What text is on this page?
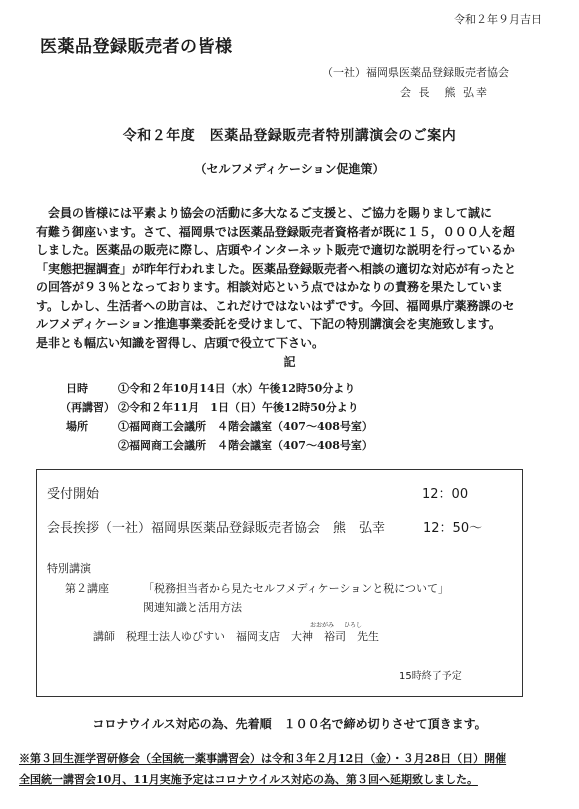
令和２年９月吉日
医薬品登録販売者の皆様
（一社）福岡県医薬品登録販売者協会
会 長　熊 弘幸
令和２年度　医薬品登録販売者特別講演会のご案内
（セルフメディケーション促進策）
　会員の皆様には平素より協会の活動に多大なるご支援と、ご協力を賜りまして誠に
有難う御座います。さて、福岡県では医薬品登録販売者資格者が既に１５，０００人を超
しました。医薬品の販売に際し、店頭やインターネット販売で適切な説明を行っているか
「実態把握調査」が昨年行われました。医薬品登録販売者へ相談の適切な対応が有ったと
の回答が９３％となっております。相談対応という点ではかなりの責務を果たしていま
す。しかし、生活者への助言は、これだけではないはずです。今回、福岡県庁薬務課のセ
ルフメディケーション推進事業委託を受けまして、下記の特別講演会を実施致します。
是非とも幅広い知識を習得し、店頭で役立て下さい。
記
日時	①令和２年10月14日（水）午後12時50分より
（再講習） ②令和２年11月　1日（日）午後12時50分より
場所	①福岡商工会議所　４階会議室（407～408号室）
②福岡商工会議所　４階会議室（407～408号室）
受付開始	12：00
会長挨拶（一社）福岡県医薬品登録販売者協会　熊　弘幸	12：50～
特別講演
第２講座	「税務担当者から見たセルフメディケーションと税について」
関連知識と活用方法
おおがみ ひろし
講師　税理士法人ゆびすい　福岡支店　大神　裕司　先生
15時終了予定
コロナウイルス対応の為、先着順　１００名で締め切りさせて頂きます。
※第３回生涯学習研修会（全国統一薬事講習会）は令和３年２月12日（金）・３月28日（日）開催
全国統一講習会10月、11月実施予定はコロナウイルス対応の為、第３回へ延期致しました。
